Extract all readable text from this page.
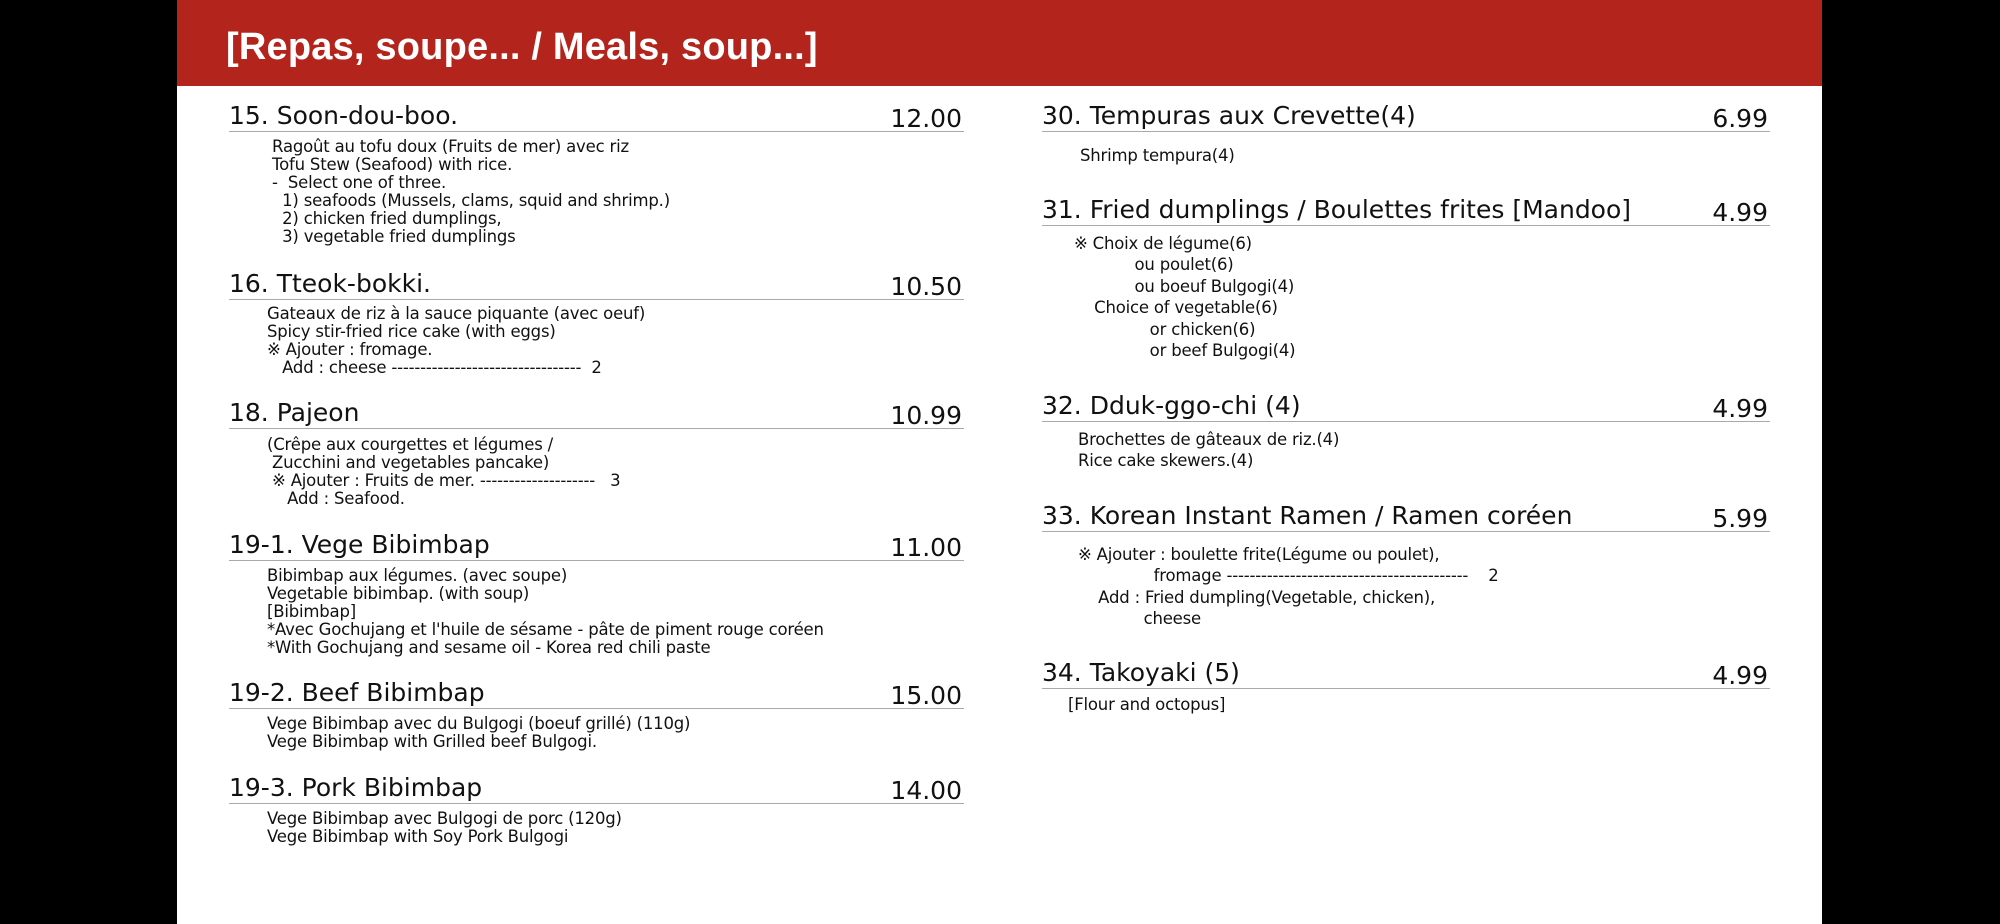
[Repas, soupe... / Meals, soup...]
15. Soon-dou-boo.	12.00
Ragoût au tofu doux (Fruits de mer) avec riz
Tofu Stew (Seafood) with rice.
-  Select one of three.
1) seafoods (Mussels, clams, squid and shrimp.)
2) chicken fried dumplings,
3) vegetable fried dumplings
16. Tteok-bokki.	10.50
Gateaux de riz à la sauce piquante (avec oeuf)
Spicy stir-fried rice cake (with eggs)
※ Ajouter : fromage.
Add : cheese ---------------------------------  2
18. Pajeon	10.99
(Crêpe aux courgettes et légumes /
Zucchini and vegetables pancake)
※ Ajouter : Fruits de mer. --------------------   3
Add : Seafood.
19-1. Vege Bibimbap	11.00
Bibimbap aux légumes. (avec soupe)
Vegetable bibimbap. (with soup)
[Bibimbap]
*Avec Gochujang et l'huile de sésame - pâte de piment rouge coréen
*With Gochujang and sesame oil - Korea red chili paste
19-2. Beef Bibimbap	15.00
Vege Bibimbap avec du Bulgogi (boeuf grillé) (110g)
Vege Bibimbap with Grilled beef Bulgogi.
19-3. Pork Bibimbap	14.00
Vege Bibimbap avec Bulgogi de porc (120g)
Vege Bibimbap with Soy Pork Bulgogi
30. Tempuras aux Crevette(4)	6.99
Shrimp tempura(4)
31. Fried dumplings / Boulettes frites [Mandoo]	4.99
※ Choix de légume(6)
ou poulet(6)
ou boeuf Bulgogi(4)
Choice of vegetable(6)
or chicken(6)
or beef Bulgogi(4)
32. Dduk-ggo-chi (4)	4.99
Brochettes de gâteaux de riz.(4)
Rice cake skewers.(4)
33. Korean Instant Ramen / Ramen coréen	5.99
※ Ajouter : boulette frite(Légume ou poulet),
fromage ------------------------------------------    2
Add : Fried dumpling(Vegetable, chicken),
cheese
34. Takoyaki (5)	4.99
[Flour and octopus]
